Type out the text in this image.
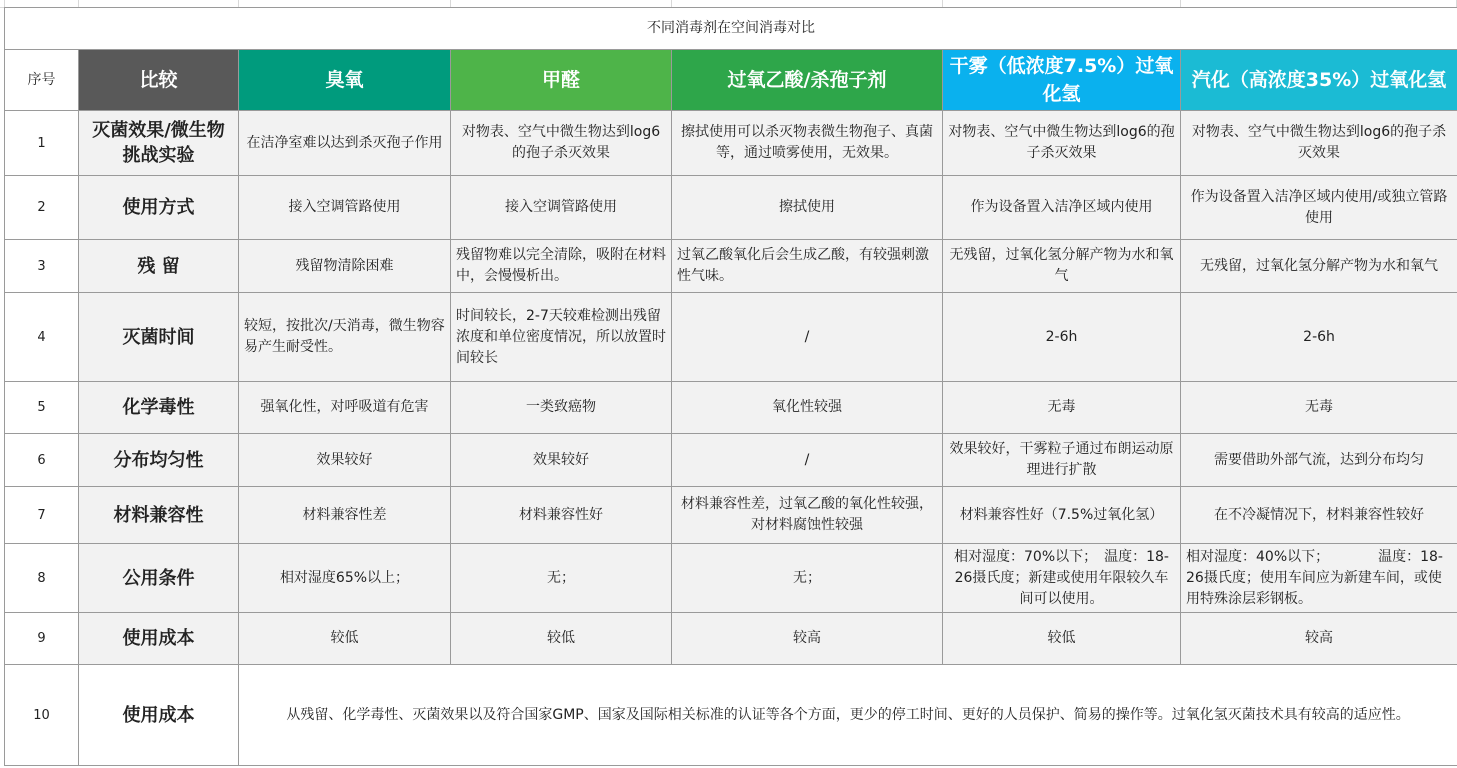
不同消毒剂在空间消毒对比						
序号	比较	臭氧	甲醛	过氧乙酸/杀孢子剂	干雾（低浓度7.5%）过氧化氢	汽化（高浓度35%）过氧化氢
1	灭菌效果/微生物挑战实验	在洁净室难以达到杀灭孢子作用	对物表、空气中微生物达到log6的孢子杀灭效果	擦拭使用可以杀灭物表微生物孢子、真菌等，通过喷雾使用，无效果。	对物表、空气中微生物达到log6的孢子杀灭效果	对物表、空气中微生物达到log6的孢子杀灭效果
2	使用方式	接入空调管路使用	接入空调管路使用	擦拭使用	作为设备置入洁净区域内使用	作为设备置入洁净区域内使用/或独立管路使用
3	残 留	残留物清除困难	残留物难以完全清除，吸附在材料中，会慢慢析出。	过氧乙酸氧化后会生成乙酸，有较强刺激性气味。	无残留，过氧化氢分解产物为水和氧气	无残留，过氧化氢分解产物为水和氧气
4	灭菌时间	较短，按批次/天消毒，微生物容易产生耐受性。	时间较长，2-7天较难检测出残留浓度和单位密度情况，所以放置时间较长	/	2-6h	2-6h
5	化学毒性	强氧化性，对呼吸道有危害	一类致癌物	氧化性较强	无毒	无毒
6	分布均匀性	效果较好	效果较好	/	效果较好，干雾粒子通过布朗运动原理进行扩散	需要借助外部气流，达到分布均匀
7	材料兼容性	材料兼容性差	材料兼容性好	材料兼容性差，过氧乙酸的氧化性较强，对材料腐蚀性较强	材料兼容性好（7.5%过氧化氢）	在不冷凝情况下，材料兼容性较好
8	公用条件	相对湿度65%以上；	无；	无；	相对湿度：70%以下；　温度：18-26摄氏度；新建或使用年限较久车间可以使用。	相对湿度：40%以下；　　　　温度：18-26摄氏度；使用车间应为新建车间，或使用特殊涂层彩钢板。
9	使用成本	较低	较低	较高	较低	较高
10	使用成本	从残留、化学毒性、灭菌效果以及符合国家GMP、国家及国际相关标准的认证等各个方面，更少的停工时间、更好的人员保护、简易的操作等。过氧化氢灭菌技术具有较高的适应性。				
